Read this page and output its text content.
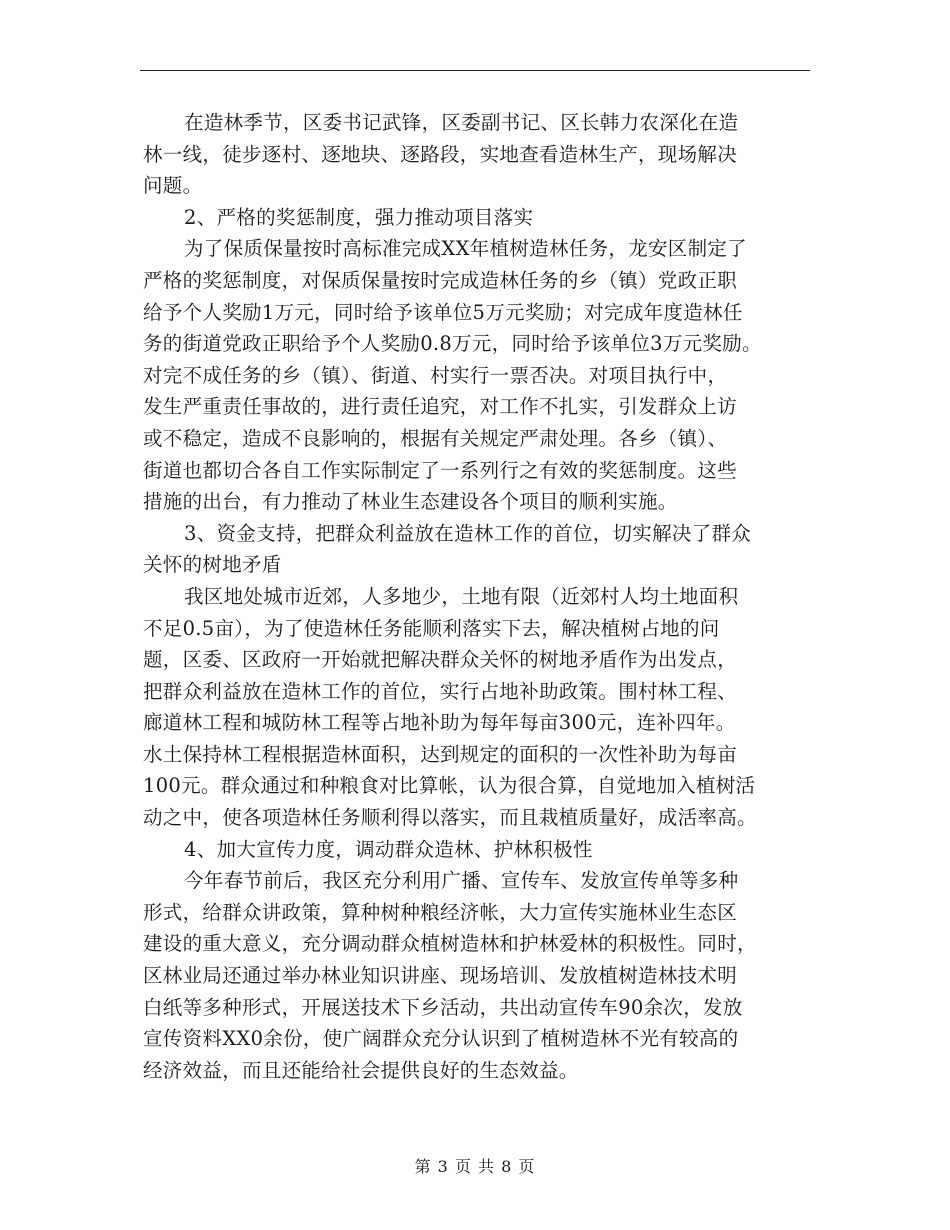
在造林季节，区委书记武锋，区委副书记、区长韩力农深化在造
林一线，徒步逐村、逐地块、逐路段，实地查看造林生产，现场解决
问题。
2、严格的奖惩制度，强力推动项目落实
为了保质保量按时高标准完成XX年植树造林任务，龙安区制定了
严格的奖惩制度，对保质保量按时完成造林任务的乡（镇）党政正职
给予个人奖励1万元，同时给予该单位5万元奖励；对完成年度造林任
务的街道党政正职给予个人奖励0.8万元，同时给予该单位3万元奖励。
对完不成任务的乡（镇）、街道、村实行一票否决。对项目执行中，
发生严重责任事故的，进行责任追究，对工作不扎实，引发群众上访
或不稳定，造成不良影响的，根据有关规定严肃处理。各乡（镇）、
街道也都切合各自工作实际制定了一系列行之有效的奖惩制度。这些
措施的出台，有力推动了林业生态建设各个项目的顺利实施。
3、资金支持，把群众利益放在造林工作的首位，切实解决了群众
关怀的树地矛盾
我区地处城市近郊，人多地少，土地有限（近郊村人均土地面积
不足0.5亩），为了使造林任务能顺利落实下去，解决植树占地的问
题，区委、区政府一开始就把解决群众关怀的树地矛盾作为出发点，
把群众利益放在造林工作的首位，实行占地补助政策。围村林工程、
廊道林工程和城防林工程等占地补助为每年每亩300元，连补四年。
水土保持林工程根据造林面积，达到规定的面积的一次性补助为每亩
100元。群众通过和种粮食对比算帐，认为很合算，自觉地加入植树活
动之中，使各项造林任务顺利得以落实，而且栽植质量好，成活率高。
4、加大宣传力度，调动群众造林、护林积极性
今年春节前后，我区充分利用广播、宣传车、发放宣传单等多种
形式，给群众讲政策，算种树种粮经济帐，大力宣传实施林业生态区
建设的重大意义，充分调动群众植树造林和护林爱林的积极性。同时，
区林业局还通过举办林业知识讲座、现场培训、发放植树造林技术明
白纸等多种形式，开展送技术下乡活动，共出动宣传车90余次，发放
宣传资料XX0余份，使广阔群众充分认识到了植树造林不光有较高的
经济效益，而且还能给社会提供良好的生态效益。
第 3 页 共 8 页
